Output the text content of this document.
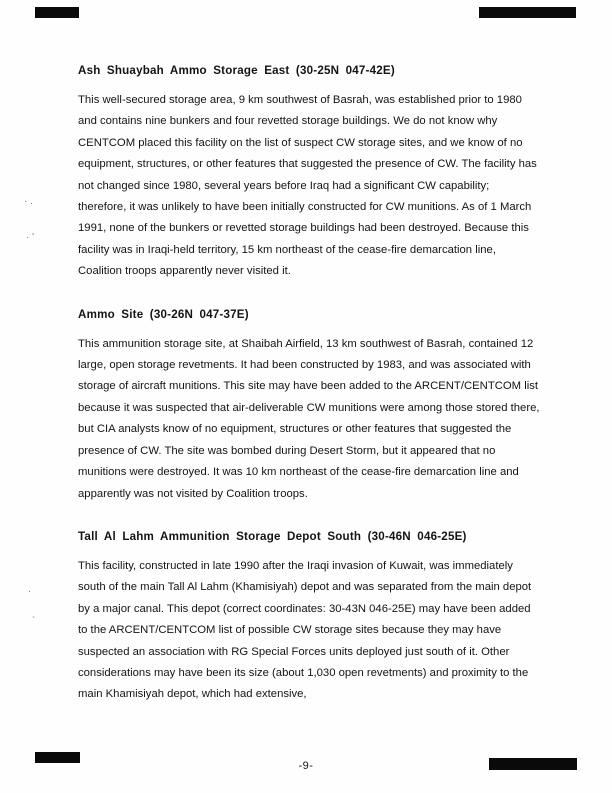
· .
· '
.
`
Ash Shuaybah Ammo Storage East (30-25N 047-42E)

This well-secured storage area, 9 km southwest of Basrah, was established prior to 1980 and contains nine bunkers and four revetted storage buildings. We do not know why CENTCOM placed this facility on the list of suspect CW storage sites, and we know of no equipment, structures, or other features that suggested the presence of CW. The facility has not changed since 1980, several years before Iraq had a significant CW capability; therefore, it was unlikely to have been initially constructed for CW munitions. As of 1 March 1991, none of the bunkers or revetted storage buildings had been destroyed. Because this facility was in Iraqi-held territory, 15 km northeast of the cease-fire demarcation line, Coalition troops apparently never visited it.

Ammo Site (30-26N 047-37E)

This ammunition storage site, at Shaibah Airfield, 13 km southwest of Basrah, contained 12 large, open storage revetments. It had been constructed by 1983, and was associated with storage of aircraft munitions. This site may have been added to the ARCENT/CENTCOM list because it was suspected that air-deliverable CW munitions were among those stored there, but CIA analysts know of no equipment, structures or other features that suggested the presence of CW. The site was bombed during Desert Storm, but it appeared that no munitions were destroyed. It was 10 km northeast of the cease-fire demarcation line and apparently was not visited by Coalition troops.

Tall Al Lahm Ammunition Storage Depot South (30-46N 046-25E)

This facility, constructed in late 1990 after the Iraqi invasion of Kuwait, was immediately south of the main Tall Al Lahm (Khamisiyah) depot and was separated from the main depot by a major canal. This depot (correct coordinates: 30-43N 046-25E) may have been added to the ARCENT/CENTCOM list of possible CW storage sites because they may have suspected an association with RG Special Forces units deployed just south of it. Other considerations may have been its size (about 1,030 open revetments) and proximity to the main Khamisiyah depot, which had extensive,

-9-
